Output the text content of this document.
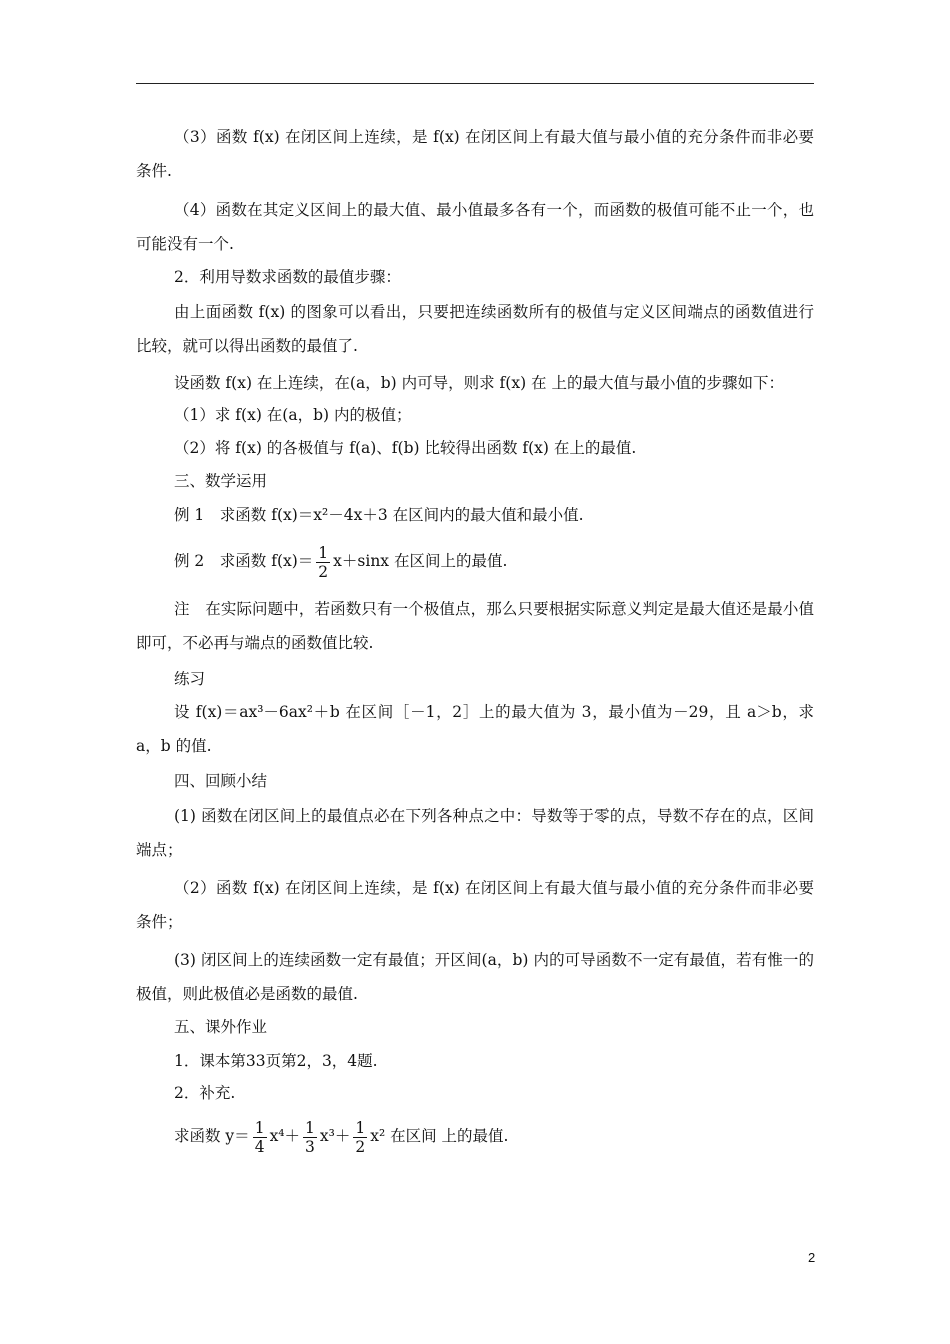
（3）函数 f(x) 在闭区间上连续，是 f(x) 在闭区间上有最大值与最小值的充分条件而非必要条件.
（4）函数在其定义区间上的最大值、最小值最多各有一个，而函数的极值可能不止一个，也可能没有一个.
2．利用导数求函数的最值步骤：
由上面函数 f(x) 的图象可以看出，只要把连续函数所有的极值与定义区间端点的函数值进行比较，就可以得出函数的最值了.
设函数 f(x) 在上连续，在(a，b) 内可导，则求 f(x) 在 上的最大值与最小值的步骤如下：
（1）求 f(x) 在(a，b) 内的极值；
（2）将 f(x) 的各极值与 f(a)、f(b) 比较得出函数 f(x) 在上的最值.
三、数学运用
例 1　求函数 f(x)＝x²－4x＋3 在区间内的最大值和最小值.
例 2　求函数 $f(x)= \frac{1}{2} x+\sin x$ 在区间上的最值.
注　在实际问题中，若函数只有一个极值点，那么只要根据实际意义判定是最大值还是最小值即可，不必再与端点的函数值比较.
练习
设 f(x)＝ax³－6ax²＋b 在区间［－1，2］上的最大值为 3，最小值为－29，且 a＞b，求 a，b 的值.
四、回顾小结
(1) 函数在闭区间上的最值点必在下列各种点之中：导数等于零的点，导数不存在的点，区间端点；
（2）函数 f(x) 在闭区间上连续，是 f(x) 在闭区间上有最大值与最小值的充分条件而非必要条件；
(3) 闭区间上的连续函数一定有最值；开区间(a，b) 内的可导函数不一定有最值，若有惟一的极值，则此极值必是函数的最值.
五、课外作业
1．课本第33页第2，3，4题.
2．补充.
求函数 $y= \frac{1}{4} x^4+ \frac{1}{3} x^3+ \frac{1}{2} x^2$ 在区间 上的最值.
2
